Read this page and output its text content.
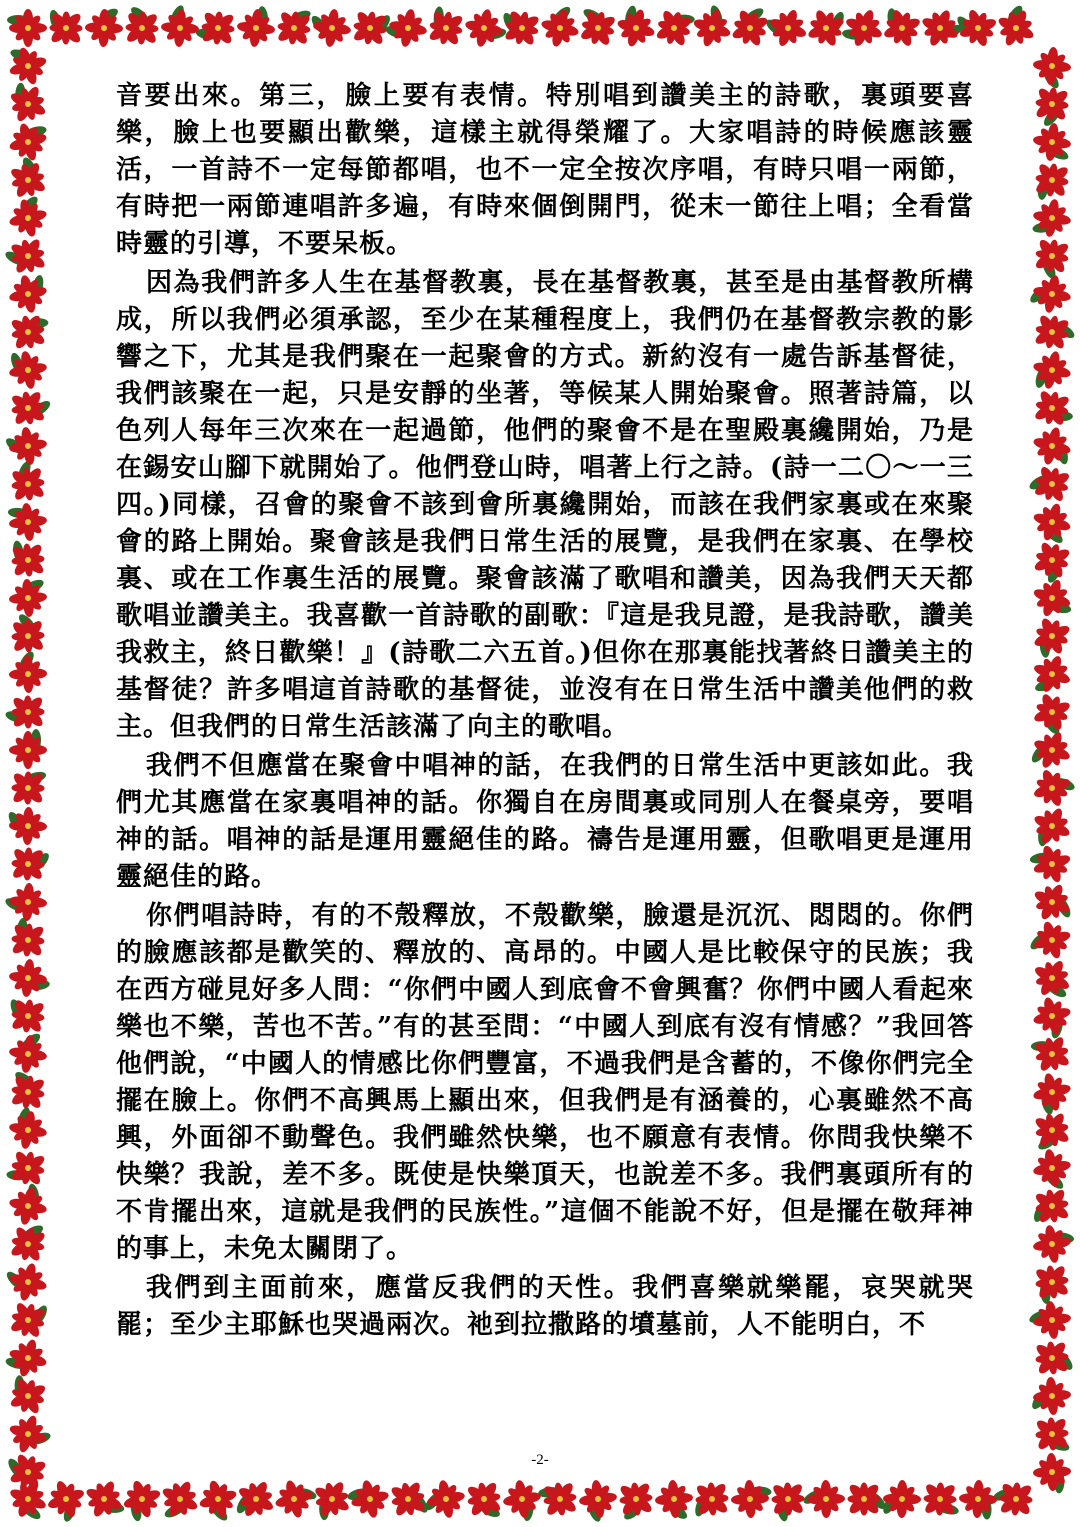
音要出來。第三，臉上要有表情。特別唱到讚美主的詩歌，裏頭要喜樂，臉上也要顯出歡樂，這樣主就得榮耀了。大家唱詩的時候應該靈活，一首詩不一定每節都唱，也不一定全按次序唱，有時只唱一兩節，有時把一兩節連唱許多遍，有時來個倒開門，從末一節往上唱；全看當時靈的引導，不要呆板。

因為我們許多人生在基督教裏，長在基督教裏，甚至是由基督教所構成，所以我們必須承認，至少在某種程度上，我們仍在基督教宗教的影響之下，尤其是我們聚在一起聚會的方式。新約沒有一處告訴基督徒，我們該聚在一起，只是安靜的坐著，等候某人開始聚會。照著詩篇，以色列人每年三次來在一起過節，他們的聚會不是在聖殿裏纔開始，乃是在錫安山腳下就開始了。他們登山時，唱著上行之詩。(詩一二〇～一三四。)同樣，召會的聚會不該到會所裏纔開始，而該在我們家裏或在來聚會的路上開始。聚會該是我們日常生活的展覽，是我們在家裏、在學校裏、或在工作裏生活的展覽。聚會該滿了歌唱和讚美，因為我們天天都歌唱並讚美主。我喜歡一首詩歌的副歌：『這是我見證，是我詩歌，讚美我救主，終日歡樂！』(詩歌二六五首。)但你在那裏能找著終日讚美主的基督徒？許多唱這首詩歌的基督徒，並沒有在日常生活中讚美他們的救主。但我們的日常生活該滿了向主的歌唱。

我們不但應當在聚會中唱神的話，在我們的日常生活中更該如此。我們尤其應當在家裏唱神的話。你獨自在房間裏或同別人在餐桌旁，要唱神的話。唱神的話是運用靈絕佳的路。禱告是運用靈，但歌唱更是運用靈絕佳的路。

你們唱詩時，有的不殼釋放，不殼歡樂，臉還是沉沉、悶悶的。你們的臉應該都是歡笑的、釋放的、高昂的。中國人是比較保守的民族；我在西方碰見好多人問：“你們中國人到底會不會興奮？你們中國人看起來樂也不樂，苦也不苦。”有的甚至問：“中國人到底有沒有情感？”我回答他們說，“中國人的情感比你們豐富，不過我們是含蓄的，不像你們完全擺在臉上。你們不高興馬上顯出來，但我們是有涵養的，心裏雖然不高興，外面卻不動聲色。我們雖然快樂，也不願意有表情。你問我快樂不快樂？我說，差不多。既使是快樂頂天，也說差不多。我們裏頭所有的不肯擺出來，這就是我們的民族性。”這個不能說不好，但是擺在敬拜神的事上，未免太關閉了。

我們到主面前來，應當反我們的天性。我們喜樂就樂罷，哀哭就哭罷；至少主耶穌也哭過兩次。祂到拉撒路的墳墓前，人不能明白，不

-2-
